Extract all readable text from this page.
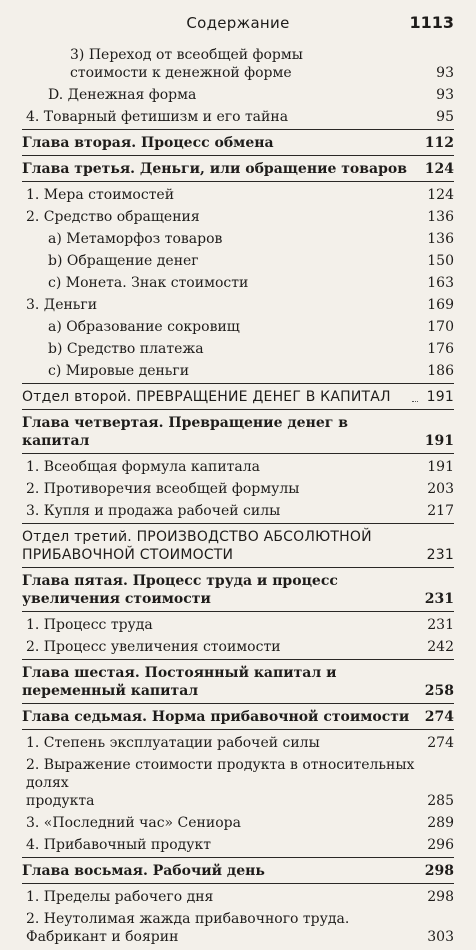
Содержание	1113
3) Переход от всеобщей формы
стоимости к денежной форме	93
D. Денежная форма	93
4. Товарный фетишизм и его тайна	95
Глава вторая. Процесс обмена	112
Глава третья. Деньги, или обращение товаров	124
1. Мера стоимостей	124
2. Средство обращения	136
а) Метаморфоз товаров	136
b) Обращение денег	150
с) Монета. Знак стоимости	163
3. Деньги	169
а) Образование сокровищ	170
b) Средство платежа	176
с) Мировые деньги	186
Отдел второй. ПРЕВРАЩЕНИЕ ДЕНЕГ В КАПИТАЛ	191
Глава четвертая. Превращение денег в капитал	191
1. Всеобщая формула капитала	191
2. Противоречия всеобщей формулы	203
3. Купля и продажа рабочей силы	217
Отдел третий. ПРОИЗВОДСТВО АБСОЛЮТНОЙ
ПРИБАВОЧНОЙ СТОИМОСТИ	231
Глава пятая. Процесс труда и процесс увеличения стоимости	231
1. Процесс труда	231
2. Процесс увеличения стоимости	242
Глава шестая. Постоянный капитал и переменный капитал	258
Глава седьмая. Норма прибавочной стоимости	274
1. Степень эксплуатации рабочей силы	274
2. Выражение стоимости продукта в относительных долях
продукта	285
3. «Последний час» Сениора	289
4. Прибавочный продукт	296
Глава восьмая. Рабочий день	298
1. Пределы рабочего дня	298
2. Неутолимая жажда прибавочного труда.
Фабрикант и боярин	303
